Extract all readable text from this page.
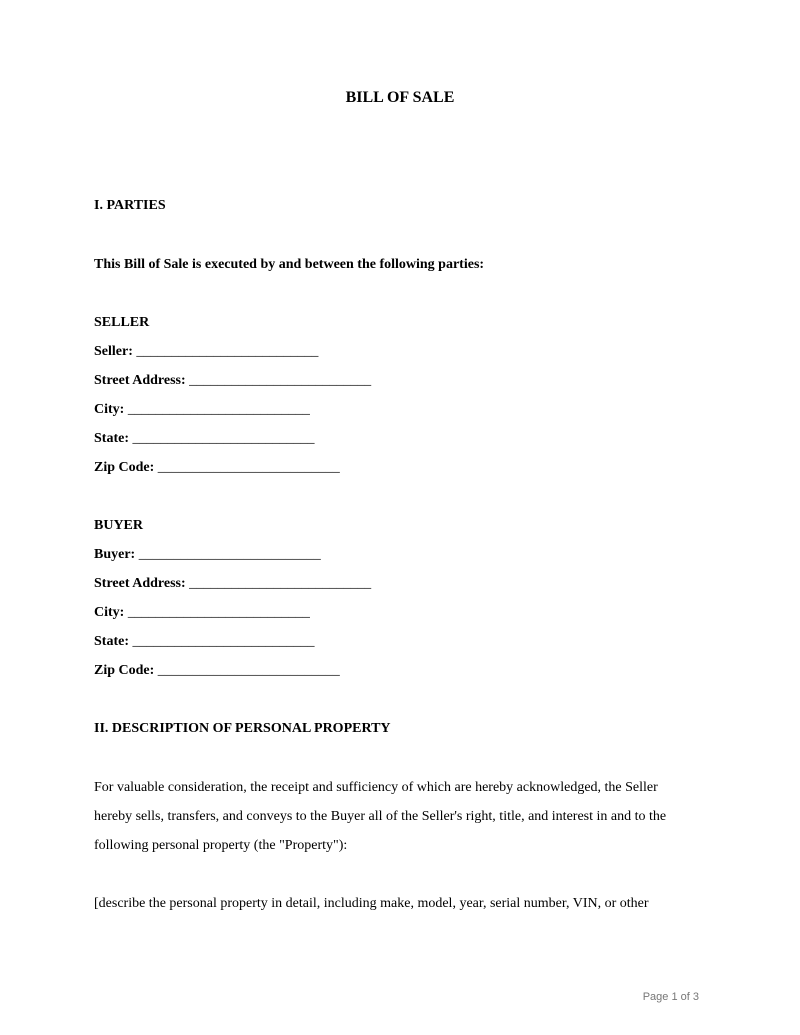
BILL OF SALE
I. PARTIES
This Bill of Sale is executed by and between the following parties:
SELLER
Seller: __________________________
Street Address: __________________________
City: __________________________
State: __________________________
Zip Code: __________________________
BUYER
Buyer: __________________________
Street Address: __________________________
City: __________________________
State: __________________________
Zip Code: __________________________
II. DESCRIPTION OF PERSONAL PROPERTY
For valuable consideration, the receipt and sufficiency of which are hereby acknowledged, the Seller
hereby sells, transfers, and conveys to the Buyer all of the Seller's right, title, and interest in and to the
following personal property (the "Property"):
[describe the personal property in detail, including make, model, year, serial number, VIN, or other
Page 1 of 3
